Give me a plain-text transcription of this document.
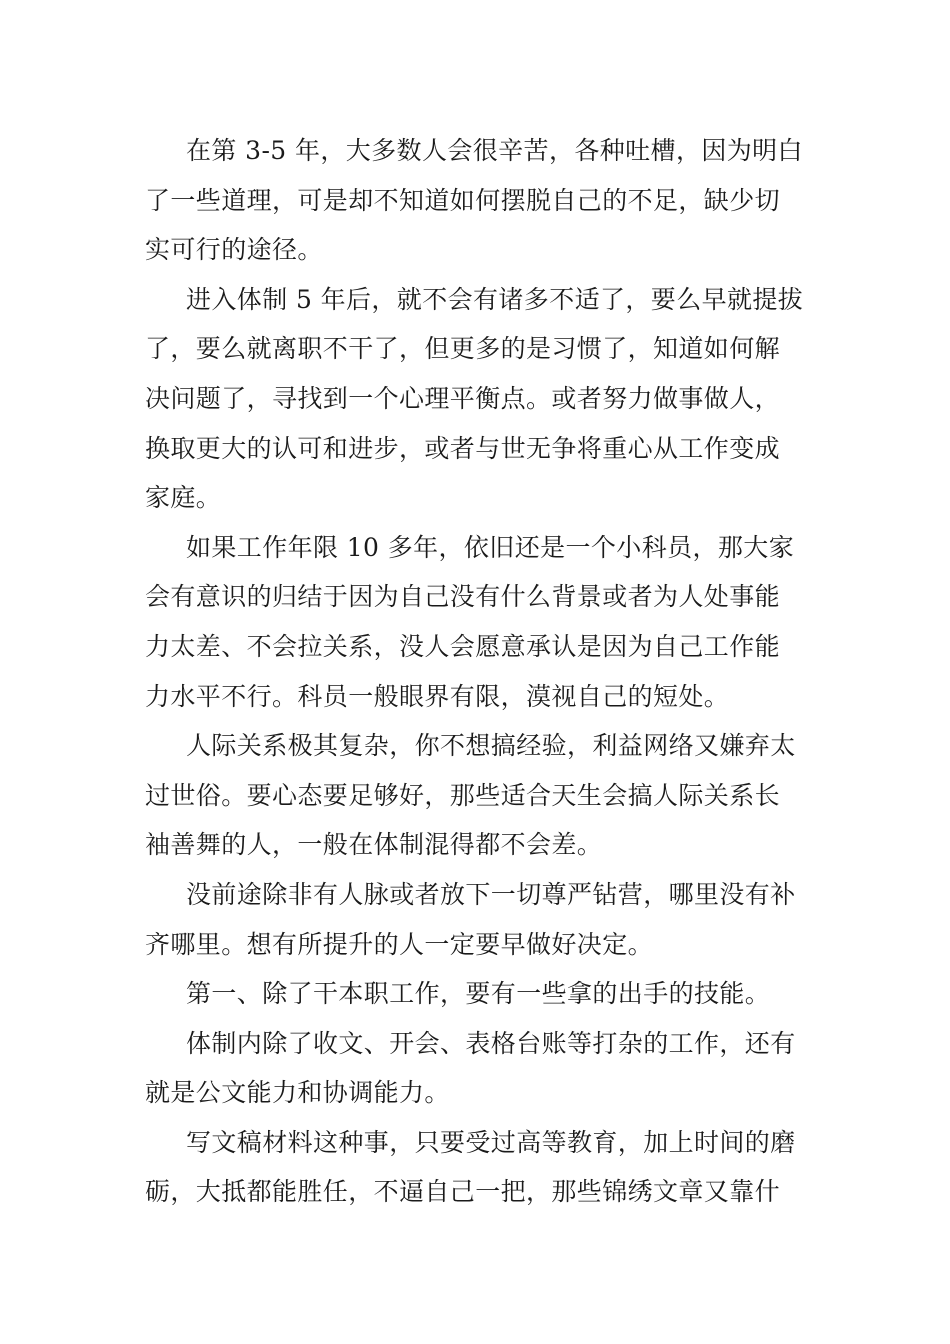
在第 3-5 年，大多数人会很辛苦，各种吐槽，因为明白
了一些道理，可是却不知道如何摆脱自己的不足，缺少切
实可行的途径。
进入体制 5 年后，就不会有诸多不适了，要么早就提拔
了，要么就离职不干了，但更多的是习惯了，知道如何解
决问题了，寻找到一个心理平衡点。或者努力做事做人，
换取更大的认可和进步，或者与世无争将重心从工作变成
家庭。
如果工作年限 10 多年，依旧还是一个小科员，那大家
会有意识的归结于因为自己没有什么背景或者为人处事能
力太差、不会拉关系，没人会愿意承认是因为自己工作能
力水平不行。科员一般眼界有限，漠视自己的短处。
人际关系极其复杂，你不想搞经验，利益网络又嫌弃太
过世俗。要心态要足够好，那些适合天生会搞人际关系长
袖善舞的人，一般在体制混得都不会差。
没前途除非有人脉或者放下一切尊严钻营，哪里没有补
齐哪里。想有所提升的人一定要早做好决定。
第一、除了干本职工作，要有一些拿的出手的技能。
体制内除了收文、开会、表格台账等打杂的工作，还有
就是公文能力和协调能力。
写文稿材料这种事，只要受过高等教育，加上时间的磨
砺，大抵都能胜任，不逼自己一把，那些锦绣文章又靠什
